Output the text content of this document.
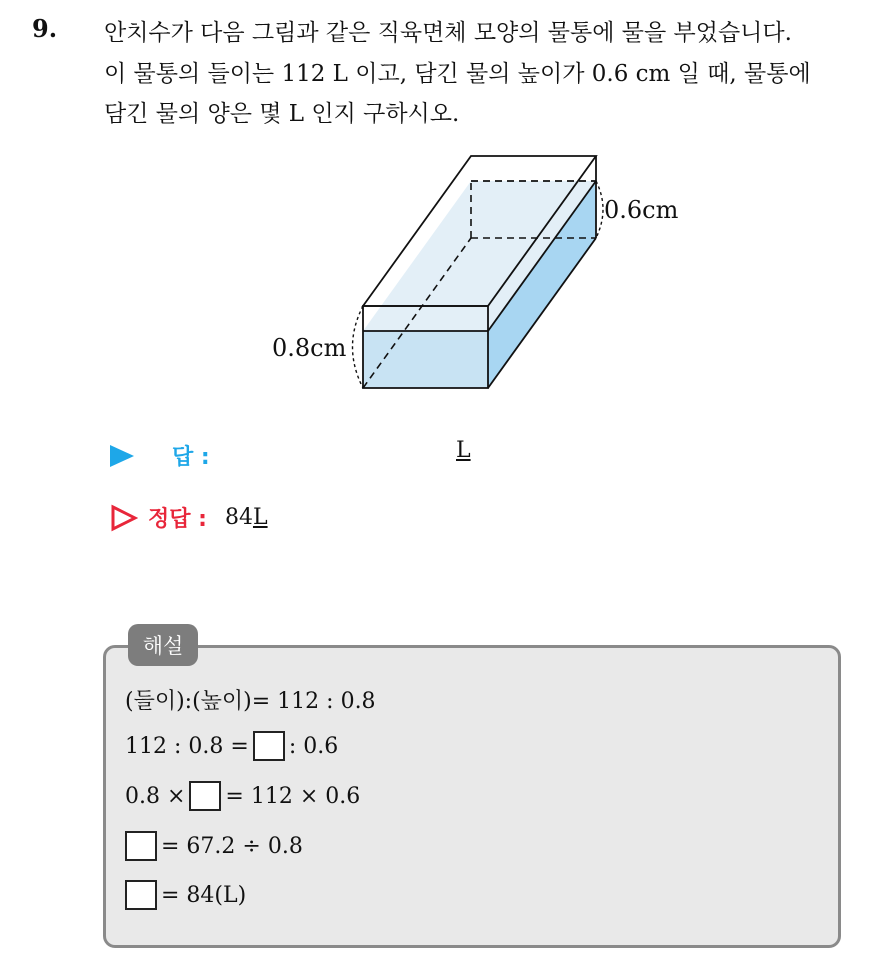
9. 안치수가 다음 그림과 같은 직육면체 모양의 물통에 물을 부었습니다.
이 물통의 들이는 112 L 이고, 담긴 물의 높이가 0.6 cm 일 때, 물통에
담긴 물의 양은 몇 L 인지 구하시오.
0.6cm
0.8cm
답 :	L
정답 : 84L
해설
(들이):(높이)= 112 : 0.8
112 : 0.8 = : 0.6
0.8 × = 112 × 0.6
= 67.2 ÷ 0.8
= 84(L)
